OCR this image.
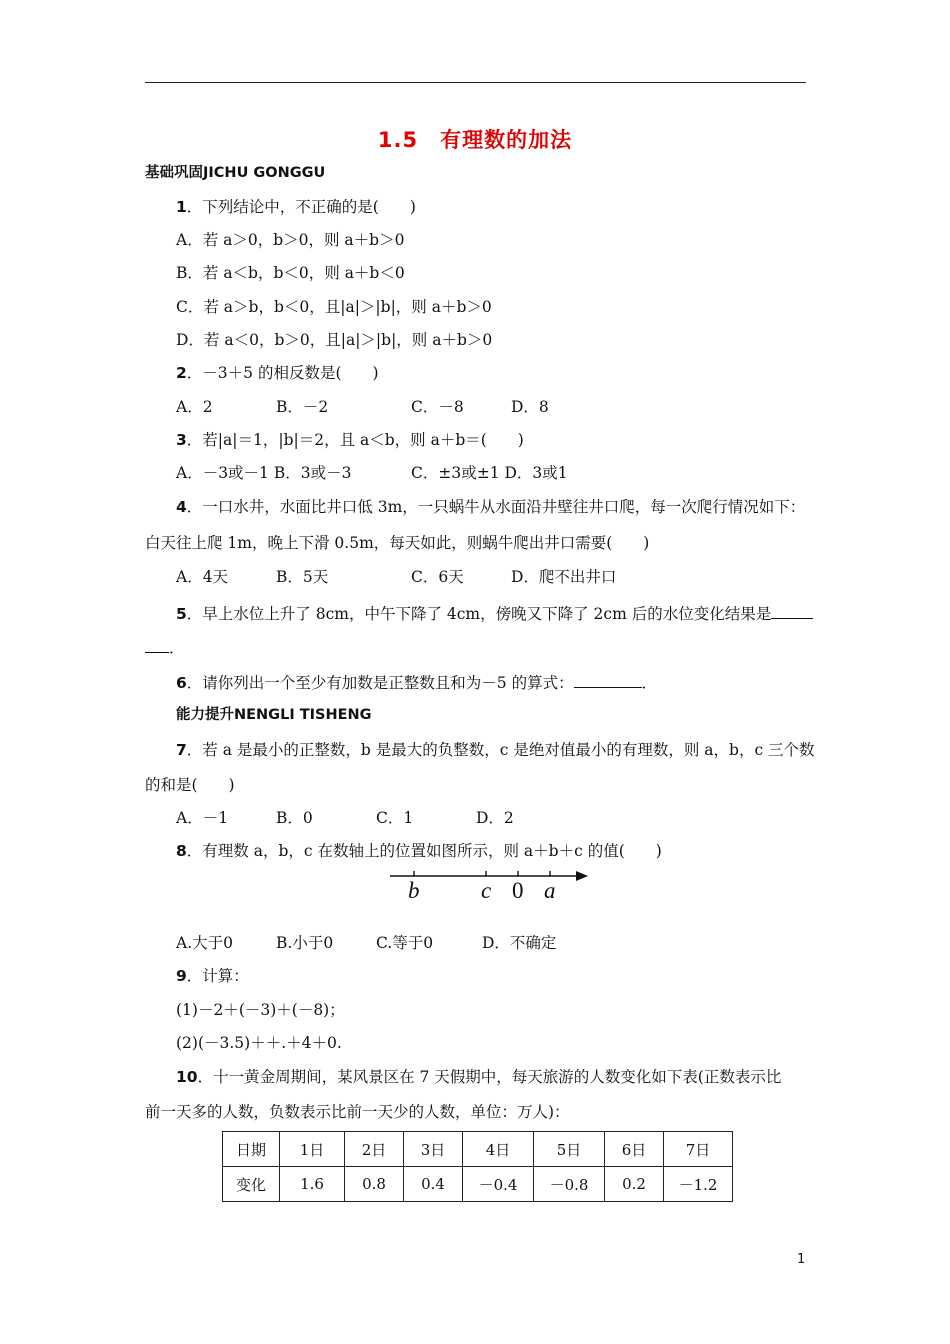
1.5　有理数的加法
基础巩固JICHU GONGGU
1．下列结论中，不正确的是(　　)
A．若 a＞0，b＞0，则 a＋b＞0
B．若 a＜b，b＜0，则 a＋b＜0
C．若 a＞b，b＜0，且|a|＞|b|，则 a＋b＞0
D．若 a＜0，b＞0，且|a|＞|b|，则 a＋b＞0
2．－3＋5 的相反数是(　　)
A．2	B．－2	C．－8	D．8
3．若|a|＝1，|b|＝2，且 a＜b，则 a＋b＝(　　)
A．－3或－1 B．3或－3	C．±3或±1 D．3或1
4．一口水井，水面比井口低 3m，一只蜗牛从水面沿井壁往井口爬，每一次爬行情况如下：
白天往上爬 1m，晚上下滑 0.5m，每天如此，则蜗牛爬出井口需要(　　)
A．4天	B．5天	C．6天	D．爬不出井口
5．早上水位上升了 8cm，中午下降了 4cm，傍晚又下降了 2cm 后的水位变化结果是
．
6．请你列出一个至少有加数是正整数且和为－5 的算式：	．
能力提升NENGLI TISHENG
7．若 a 是最小的正整数，b 是最大的负整数，c 是绝对值最小的有理数，则 a，b，c 三个数
的和是(　　)
A．－1	B．0	C．1	D．2
8．有理数 a，b，c 在数轴上的位置如图所示，则 a＋b＋c 的值(　　)
b	c 0 a
A.大于0	B.小于0	C.等于0	D．不确定
9．计算：
(1)－2＋(－3)＋(－8)；
(2)(－3.5)＋＋.＋4＋0.
10．十一黄金周期间，某风景区在 7 天假期中，每天旅游的人数变化如下表(正数表示比
前一天多的人数，负数表示比前一天少的人数，单位：万人)：
日期	1日	2日	3日	4日	5日	6日	7日
变化	1.6	0.8	0.4	－0.4	－0.8	0.2	－1.2
1
